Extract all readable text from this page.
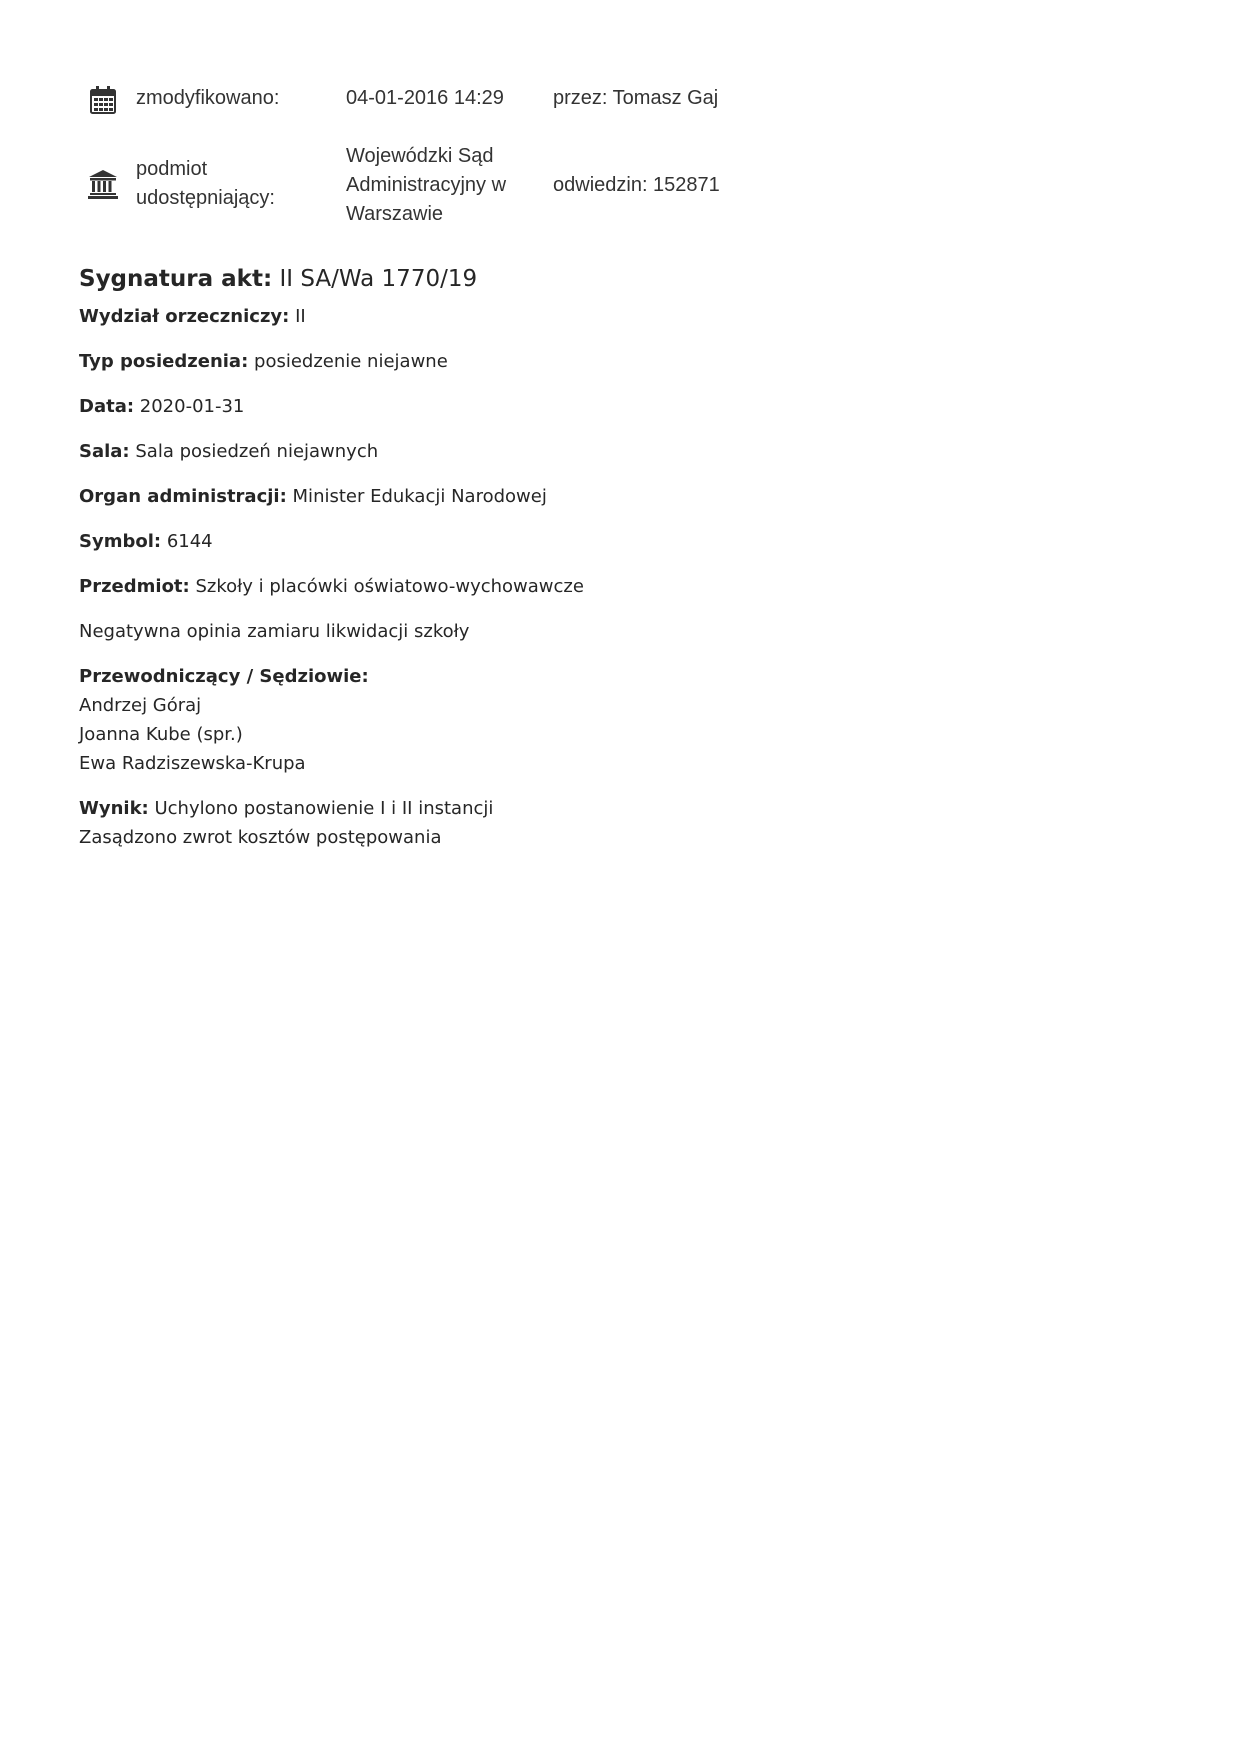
zmodyfikowano:	04-01-2016 14:29	przez: Tomasz Gaj
podmiot
udostępniający:
Wojewódzki Sąd
Administracyjny w
Warszawie
odwiedzin: 152871
Sygnatura akt: II SA/Wa 1770/19
Wydział orzeczniczy: II
Typ posiedzenia: posiedzenie niejawne
Data: 2020-01-31
Sala: Sala posiedzeń niejawnych
Organ administracji: Minister Edukacji Narodowej
Symbol: 6144
Przedmiot: Szkoły i placówki oświatowo-wychowawcze
Negatywna opinia zamiaru likwidacji szkoły
Przewodniczący / Sędziowie:
Andrzej Góraj
Joanna Kube (spr.)
Ewa Radziszewska-Krupa
Wynik: Uchylono postanowienie I i II instancji
Zasądzono zwrot kosztów postępowania
